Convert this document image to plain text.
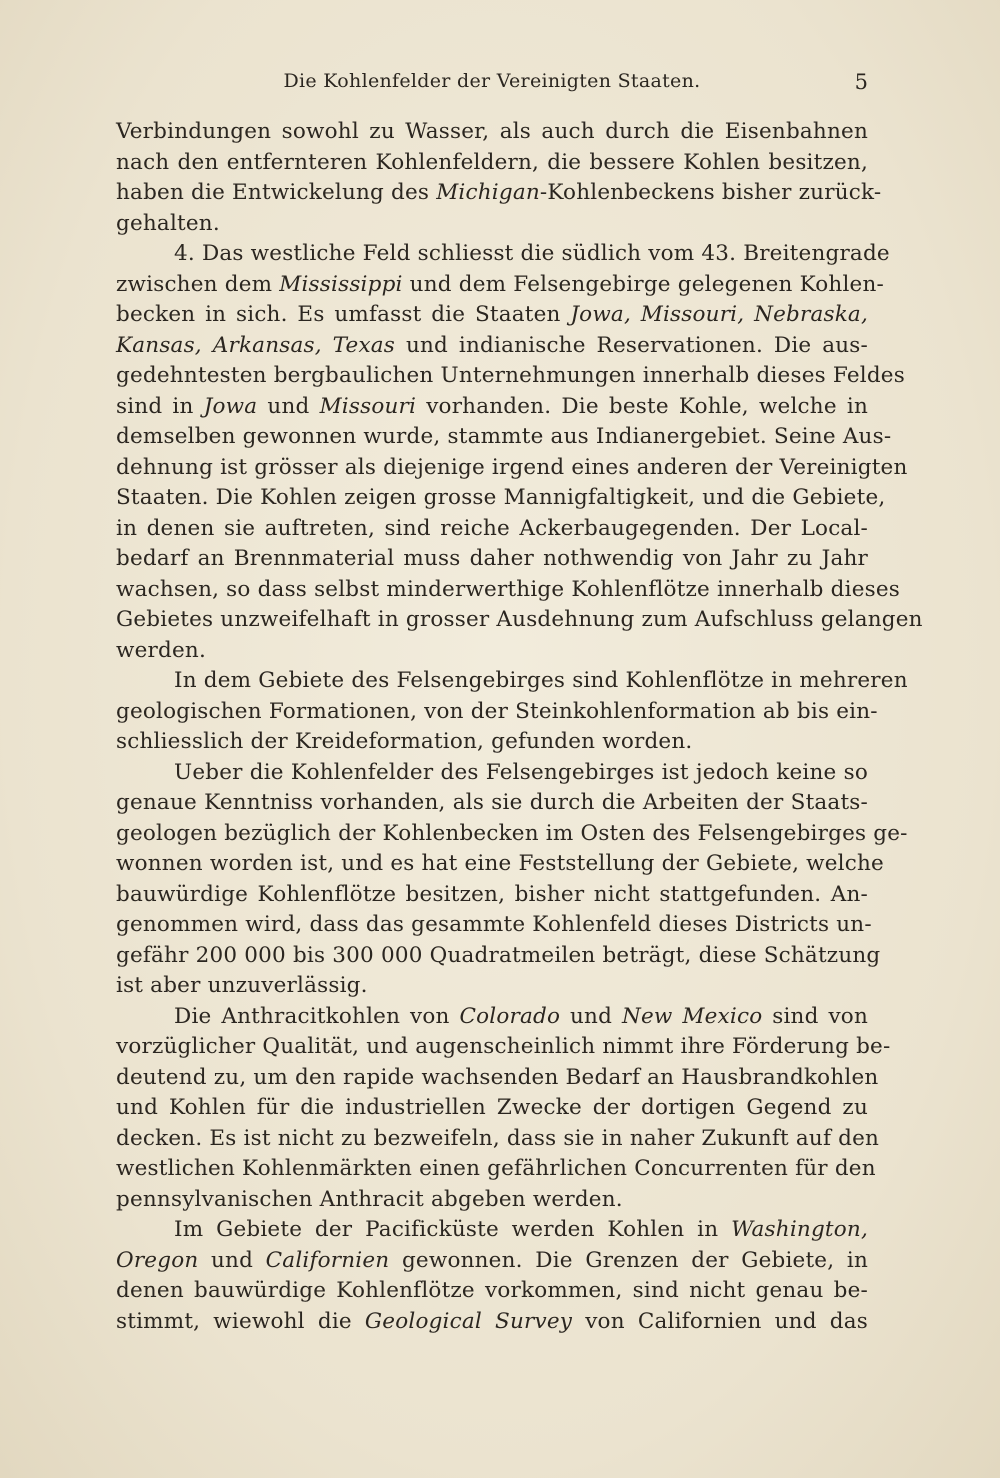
Die Kohlenfelder der Vereinigten Staaten.	5
Verbindungen sowohl zu Wasser, als auch durch die Eisenbahnen
nach den entfernteren Kohlenfeldern, die bessere Kohlen besitzen,
haben die Entwickelung des Michigan-Kohlenbeckens bisher zurück-
gehalten.
4. Das westliche Feld schliesst die südlich vom 43. Breitengrade
zwischen dem Mississippi und dem Felsengebirge gelegenen Kohlen-
becken in sich. Es umfasst die Staaten Jowa, Missouri, Nebraska,
Kansas, Arkansas, Texas und indianische Reservationen. Die aus-
gedehntesten bergbaulichen Unternehmungen innerhalb dieses Feldes
sind in Jowa und Missouri vorhanden. Die beste Kohle, welche in
demselben gewonnen wurde, stammte aus Indianergebiet. Seine Aus-
dehnung ist grösser als diejenige irgend eines anderen der Vereinigten
Staaten. Die Kohlen zeigen grosse Mannigfaltigkeit, und die Gebiete,
in denen sie auftreten, sind reiche Ackerbaugegenden. Der Local-
bedarf an Brennmaterial muss daher nothwendig von Jahr zu Jahr
wachsen, so dass selbst minderwerthige Kohlenflötze innerhalb dieses
Gebietes unzweifelhaft in grosser Ausdehnung zum Aufschluss gelangen
werden.
In dem Gebiete des Felsengebirges sind Kohlenflötze in mehreren
geologischen Formationen, von der Steinkohlenformation ab bis ein-
schliesslich der Kreideformation, gefunden worden.
Ueber die Kohlenfelder des Felsengebirges ist jedoch keine so
genaue Kenntniss vorhanden, als sie durch die Arbeiten der Staats-
geologen bezüglich der Kohlenbecken im Osten des Felsengebirges ge-
wonnen worden ist, und es hat eine Feststellung der Gebiete, welche
bauwürdige Kohlenflötze besitzen, bisher nicht stattgefunden. An-
genommen wird, dass das gesammte Kohlenfeld dieses Districts un-
gefähr 200 000 bis 300 000 Quadratmeilen beträgt, diese Schätzung
ist aber unzuverlässig.
Die Anthracitkohlen von Colorado und New Mexico sind von
vorzüglicher Qualität, und augenscheinlich nimmt ihre Förderung be-
deutend zu, um den rapide wachsenden Bedarf an Hausbrandkohlen
und Kohlen für die industriellen Zwecke der dortigen Gegend zu
decken. Es ist nicht zu bezweifeln, dass sie in naher Zukunft auf den
westlichen Kohlenmärkten einen gefährlichen Concurrenten für den
pennsylvanischen Anthracit abgeben werden.
Im Gebiete der Pacificküste werden Kohlen in Washington,
Oregon und Californien gewonnen. Die Grenzen der Gebiete, in
denen bauwürdige Kohlenflötze vorkommen, sind nicht genau be-
stimmt, wiewohl die Geological Survey von Californien und das
